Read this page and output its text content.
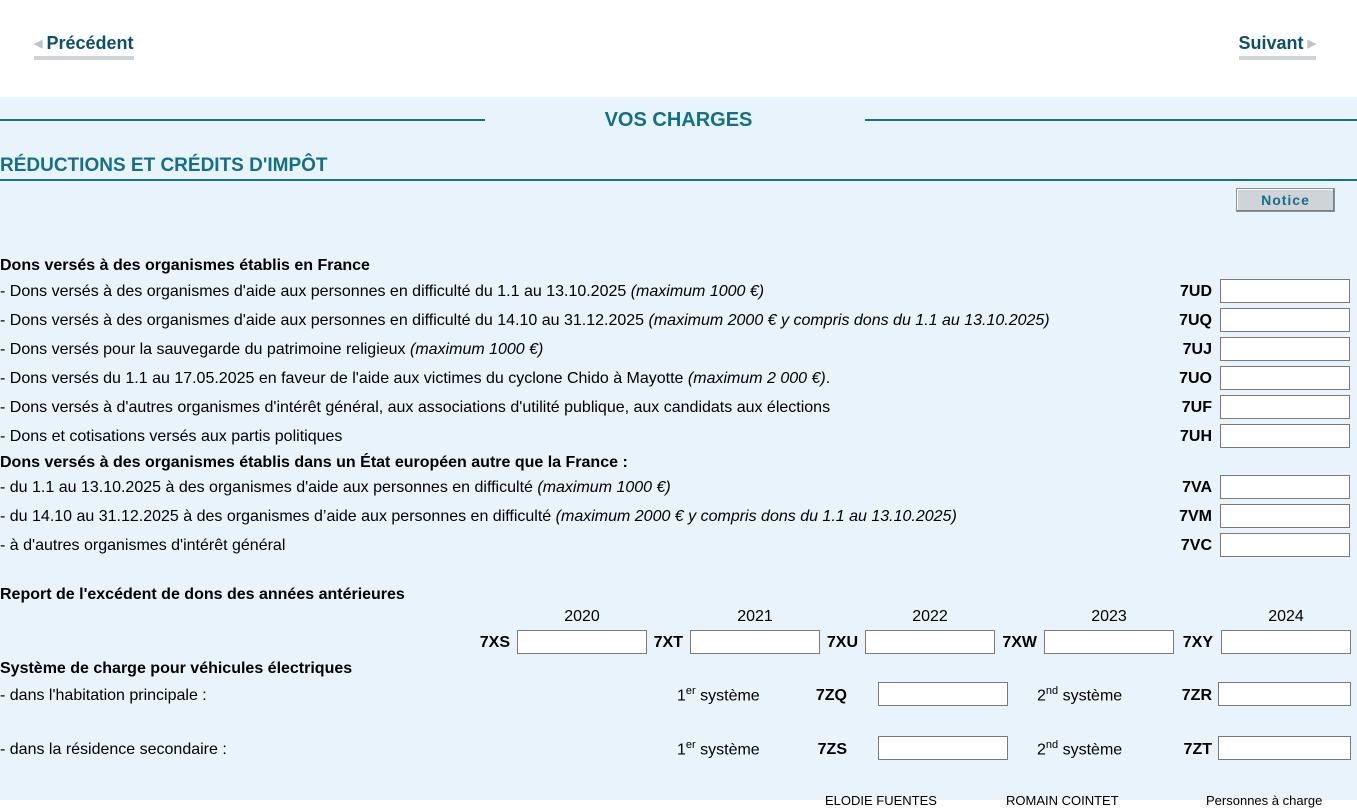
◀ Précédent	Suivant ▶
VOS CHARGES
RÉDUCTIONS ET CRÉDITS D'IMPÔT
Notice
Dons versés à des organismes établis en France
- Dons versés à des organismes d'aide aux personnes en difficulté du 1.1 au 13.10.2025 (maximum 1000 €)	7UD
- Dons versés à des organismes d'aide aux personnes en difficulté du 14.10 au 31.12.2025 (maximum 2000 € y compris dons du 1.1 au 13.10.2025)	7UQ
- Dons versés pour la sauvegarde du patrimoine religieux (maximum 1000 €)	7UJ
- Dons versés du 1.1 au 17.05.2025 en faveur de l'aide aux victimes du cyclone Chido à Mayotte (maximum 2 000 €).	7UO
- Dons versés à d'autres organismes d'intérêt général, aux associations d'utilité publique, aux candidats aux élections	7UF
- Dons et cotisations versés aux partis politiques	7UH
Dons versés à des organismes établis dans un État européen autre que la France :
- du 1.1 au 13.10.2025 à des organismes d'aide aux personnes en difficulté (maximum 1000 €)	7VA
- du 14.10 au 31.12.2025 à des organismes d’aide aux personnes en difficulté (maximum 2000 € y compris dons du 1.1 au 13.10.2025)	7VM
- à d'autres organismes d'intérêt général	7VC
Report de l'excédent de dons des années antérieures
2020	2021	2022	2023	2024
7XS	7XT	7XU	7XW	7XY
Système de charge pour véhicules électriques
- dans l'habitation principale :	1er système	7ZQ	2nd système	7ZR
- dans la résidence secondaire :	1er système	7ZS	2nd système	7ZT
ELODIE FUENTES	ROMAIN COINTET	Personnes à charge
